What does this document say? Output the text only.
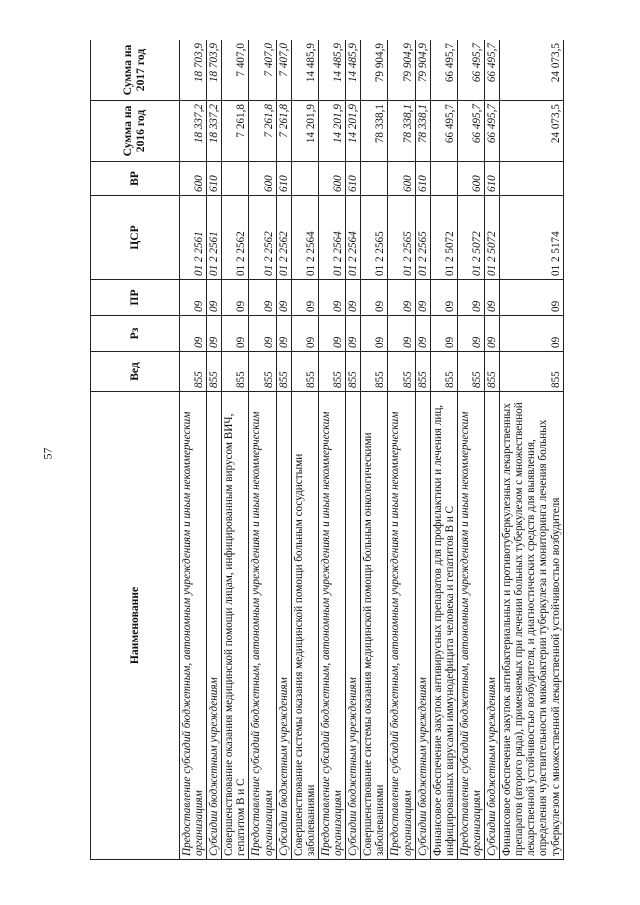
57
Наименование	Вед	Рз	ПР	ЦСР	ВР	Сумма на 2016 год	Сумма на 2017 год
Предоставление субсидий бюджетным, автономным учреждениям и иным некоммерческим организациям	855	09	09	01 2 2561	600	18 337,2	18 703,9
Субсидии бюджетным учреждениям	855	09	09	01 2 2561	610	18 337,2	18 703,9
Совершенствование оказания медицинской помощи лицам, инфицированным вирусом ВИЧ, гепатитом В и С	855	09	09	01 2 2562		7 261,8	7 407,0
Предоставление субсидий бюджетным, автономным учреждениям и иным некоммерческим организациям	855	09	09	01 2 2562	600	7 261,8	7 407,0
Субсидии бюджетным учреждениям	855	09	09	01 2 2562	610	7 261,8	7 407,0
Совершенствование системы оказания медицинской помощи больным сосудистыми заболеваниями	855	09	09	01 2 2564		14 201,9	14 485,9
Предоставление субсидий бюджетным, автономным учреждениям и иным некоммерческим организациям	855	09	09	01 2 2564	600	14 201,9	14 485,9
Субсидии бюджетным учреждениям	855	09	09	01 2 2564	610	14 201,9	14 485,9
Совершенствование системы оказания медицинской помощи больным онкологическими заболеваниями	855	09	09	01 2 2565		78 338,1	79 904,9
Предоставление субсидий бюджетным, автономным учреждениям и иным некоммерческим организациям	855	09	09	01 2 2565	600	78 338,1	79 904,9
Субсидии бюджетным учреждениям	855	09	09	01 2 2565	610	78 338,1	79 904,9
Финансовое обеспечение закупок антивирусных препаратов для профилактики и лечения лиц, инфицированных вирусами иммунодефицита человека и гепатитов В и С	855	09	09	01 2 5072		66 495,7	66 495,7
Предоставление субсидий бюджетным, автономным учреждениям и иным некоммерческим организациям	855	09	09	01 2 5072	600	66 495,7	66 495,7
Субсидии бюджетным учреждениям	855	09	09	01 2 5072	610	66 495,7	66 495,7
Финансовое обеспечение закупок антибактериальных и противотуберкулезных лекарственных препаратов (второго ряда), применяемых при лечении больных туберкулезом с множественной лекарственной устойчивостью возбудителя, и диагностических средств для выявления, определения чувствительности микобактерии туберкулеза и мониторинга лечения больных туберкулезом с множественной лекарственной устойчивостью возбудителя	855	09	09	01 2 5174		24 073,5	24 073,5
